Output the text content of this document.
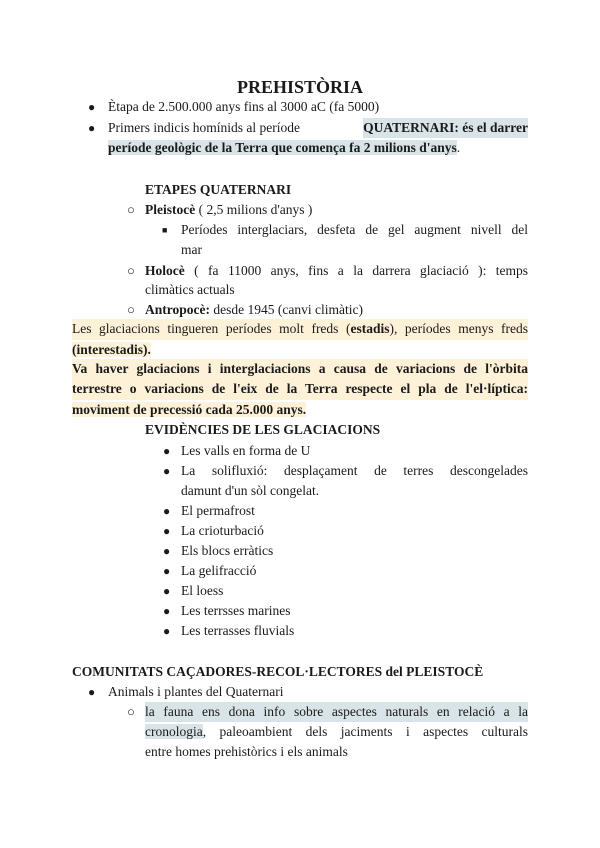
PREHISTÒRIA
● Ètapa de 2.500.000 anys fins al 3000 aC (fa 5000)
● Primers indicis homínids al període	QUATERNARI: és el darrer
període geològic de la Terra que comença fa 2 milions d'anys.
ETAPES QUATERNARI
○ Pleistocè ( 2,5 milions d'anys )
■ Períodes interglaciars, desfeta de gel augment nivell del
mar
○ Holocè ( fa 11000 anys, fins a la darrera glaciació ): temps
climàtics actuals
○ Antropocè: desde 1945 (canvi climàtic)
Les glaciacions tingueren períodes molt freds (estadis), períodes menys freds
(interestadis).
Va haver glaciacions i interglaciacions a causa de variacions de l'òrbita
terrestre o variacions de l'eix de la Terra respecte el pla de l'el·líptica:
moviment de precessió cada 25.000 anys.
EVIDÈNCIES DE LES GLACIACIONS
● Les valls en forma de U
● La solifluxió: desplaçament de terres descongelades
damunt d'un sòl congelat.
● El permafrost
● La crioturbació
● Els blocs erràtics
● La gelifracció
● El loess
● Les terrsses marines
● Les terrasses fluvials
COMUNITATS CAÇADORES-RECOL·LECTORES del PLEISTOCÈ
● Animals i plantes del Quaternari
○ la fauna ens dona info sobre aspectes naturals en relació a la
cronologia, paleoambient dels jaciments i aspectes culturals
entre homes prehistòrics i els animals
